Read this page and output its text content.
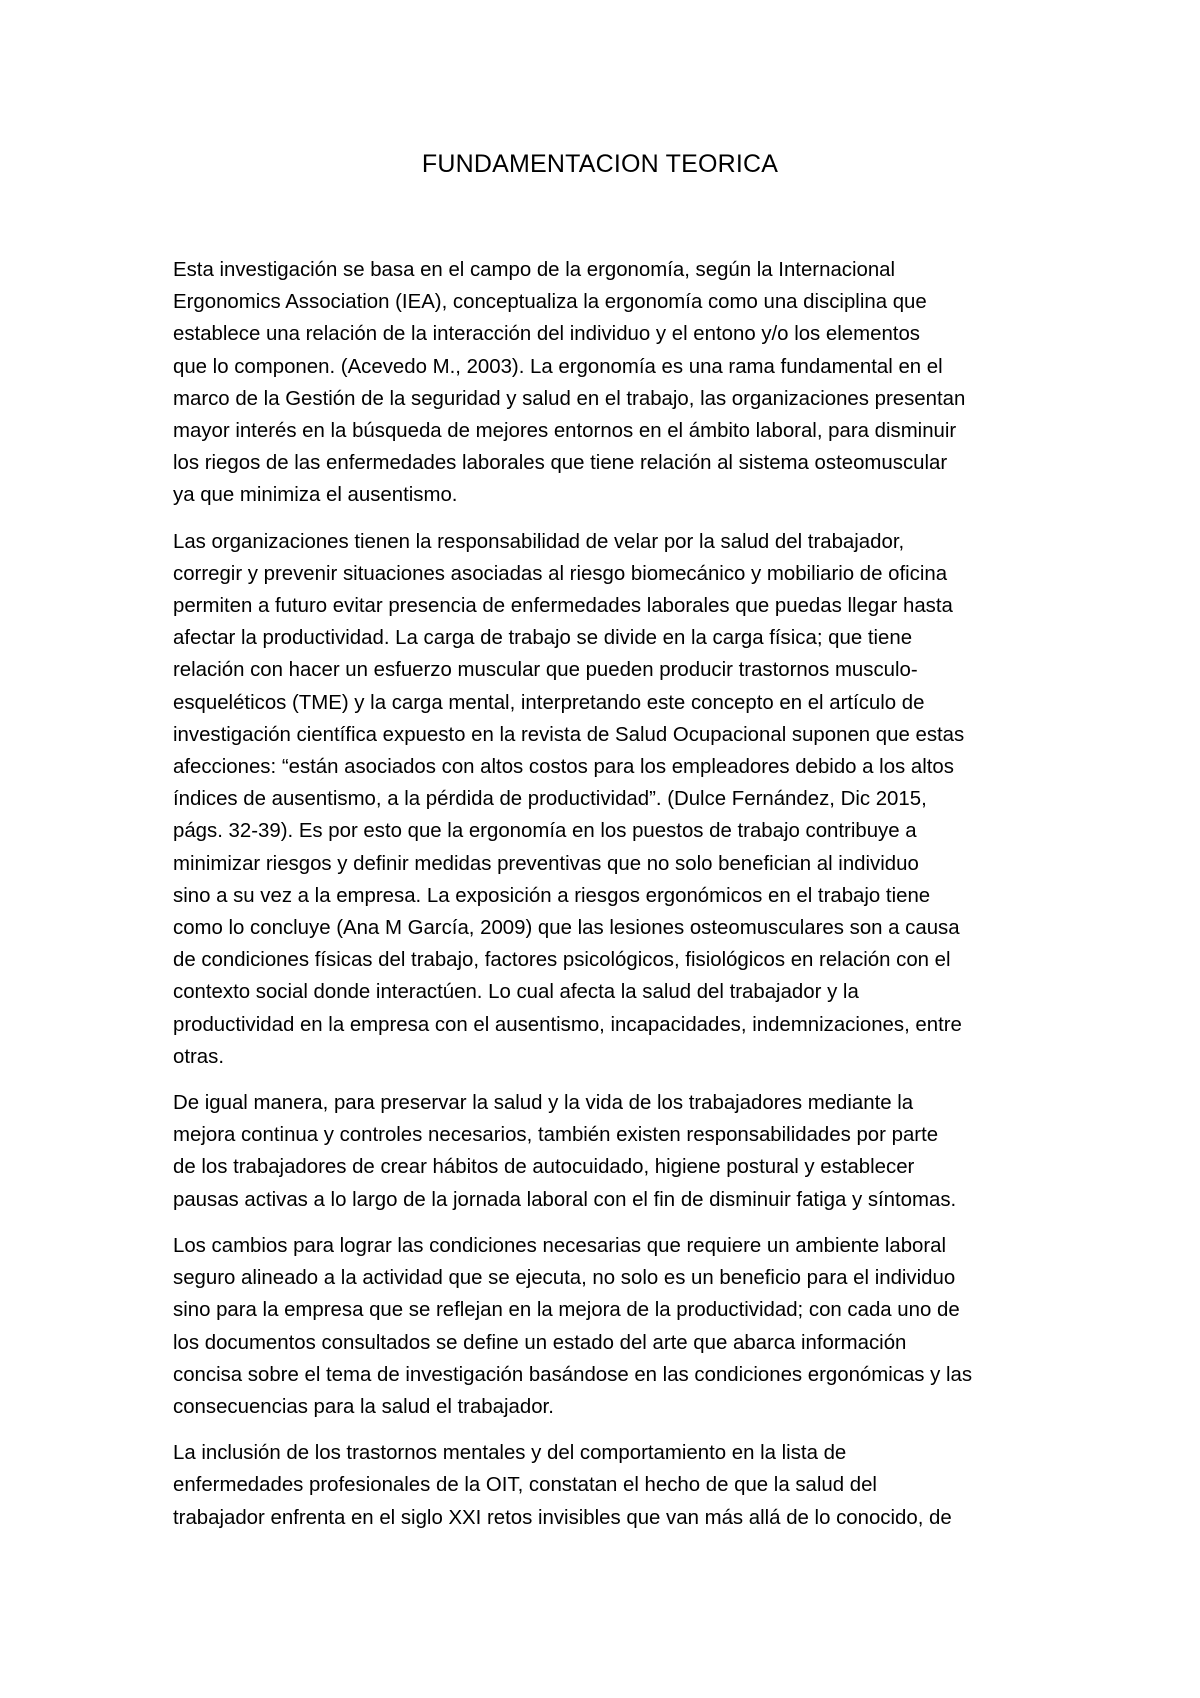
FUNDAMENTACION TEORICA

Esta investigación se basa en el campo de la ergonomía, según la Internacional
Ergonomics Association (IEA), conceptualiza la ergonomía como una disciplina que
establece una relación de la interacción del individuo y el entono y/o los elementos
que lo componen. (Acevedo M., 2003). La ergonomía es una rama fundamental en el
marco de la Gestión de la seguridad y salud en el trabajo, las organizaciones presentan
mayor interés en la búsqueda de mejores entornos en el ámbito laboral, para disminuir
los riegos de las enfermedades laborales que tiene relación al sistema osteomuscular
ya que minimiza el ausentismo.

Las organizaciones tienen la responsabilidad de velar por la salud del trabajador,
corregir y prevenir situaciones asociadas al riesgo biomecánico y mobiliario de oficina
permiten a futuro evitar presencia de enfermedades laborales que puedas llegar hasta
afectar la productividad. La carga de trabajo se divide en la carga física; que tiene
relación con hacer un esfuerzo muscular que pueden producir trastornos musculo-
esqueléticos (TME) y la carga mental, interpretando este concepto en el artículo de
investigación científica expuesto en la revista de Salud Ocupacional suponen que estas
afecciones: “están asociados con altos costos para los empleadores debido a los altos
índices de ausentismo, a la pérdida de productividad”. (Dulce Fernández, Dic 2015,
págs. 32-39). Es por esto que la ergonomía en los puestos de trabajo contribuye a
minimizar riesgos y definir medidas preventivas que no solo benefician al individuo
sino a su vez a la empresa. La exposición a riesgos ergonómicos en el trabajo tiene
como lo concluye (Ana M García, 2009) que las lesiones osteomusculares son a causa
de condiciones físicas del trabajo, factores psicológicos, fisiológicos en relación con el
contexto social donde interactúen. Lo cual afecta la salud del trabajador y la
productividad en la empresa con el ausentismo, incapacidades, indemnizaciones, entre
otras.

De igual manera, para preservar la salud y la vida de los trabajadores mediante la
mejora continua y controles necesarios, también existen responsabilidades por parte
de los trabajadores de crear hábitos de autocuidado, higiene postural y establecer
pausas activas a lo largo de la jornada laboral con el fin de disminuir fatiga y síntomas.

Los cambios para lograr las condiciones necesarias que requiere un ambiente laboral
seguro alineado a la actividad que se ejecuta, no solo es un beneficio para el individuo
sino para la empresa que se reflejan en la mejora de la productividad; con cada uno de
los documentos consultados se define un estado del arte que abarca información
concisa sobre el tema de investigación basándose en las condiciones ergonómicas y las
consecuencias para la salud el trabajador.

La inclusión de los trastornos mentales y del comportamiento en la lista de
enfermedades profesionales de la OIT, constatan el hecho de que la salud del
trabajador enfrenta en el siglo XXI retos invisibles que van más allá de lo conocido, de
